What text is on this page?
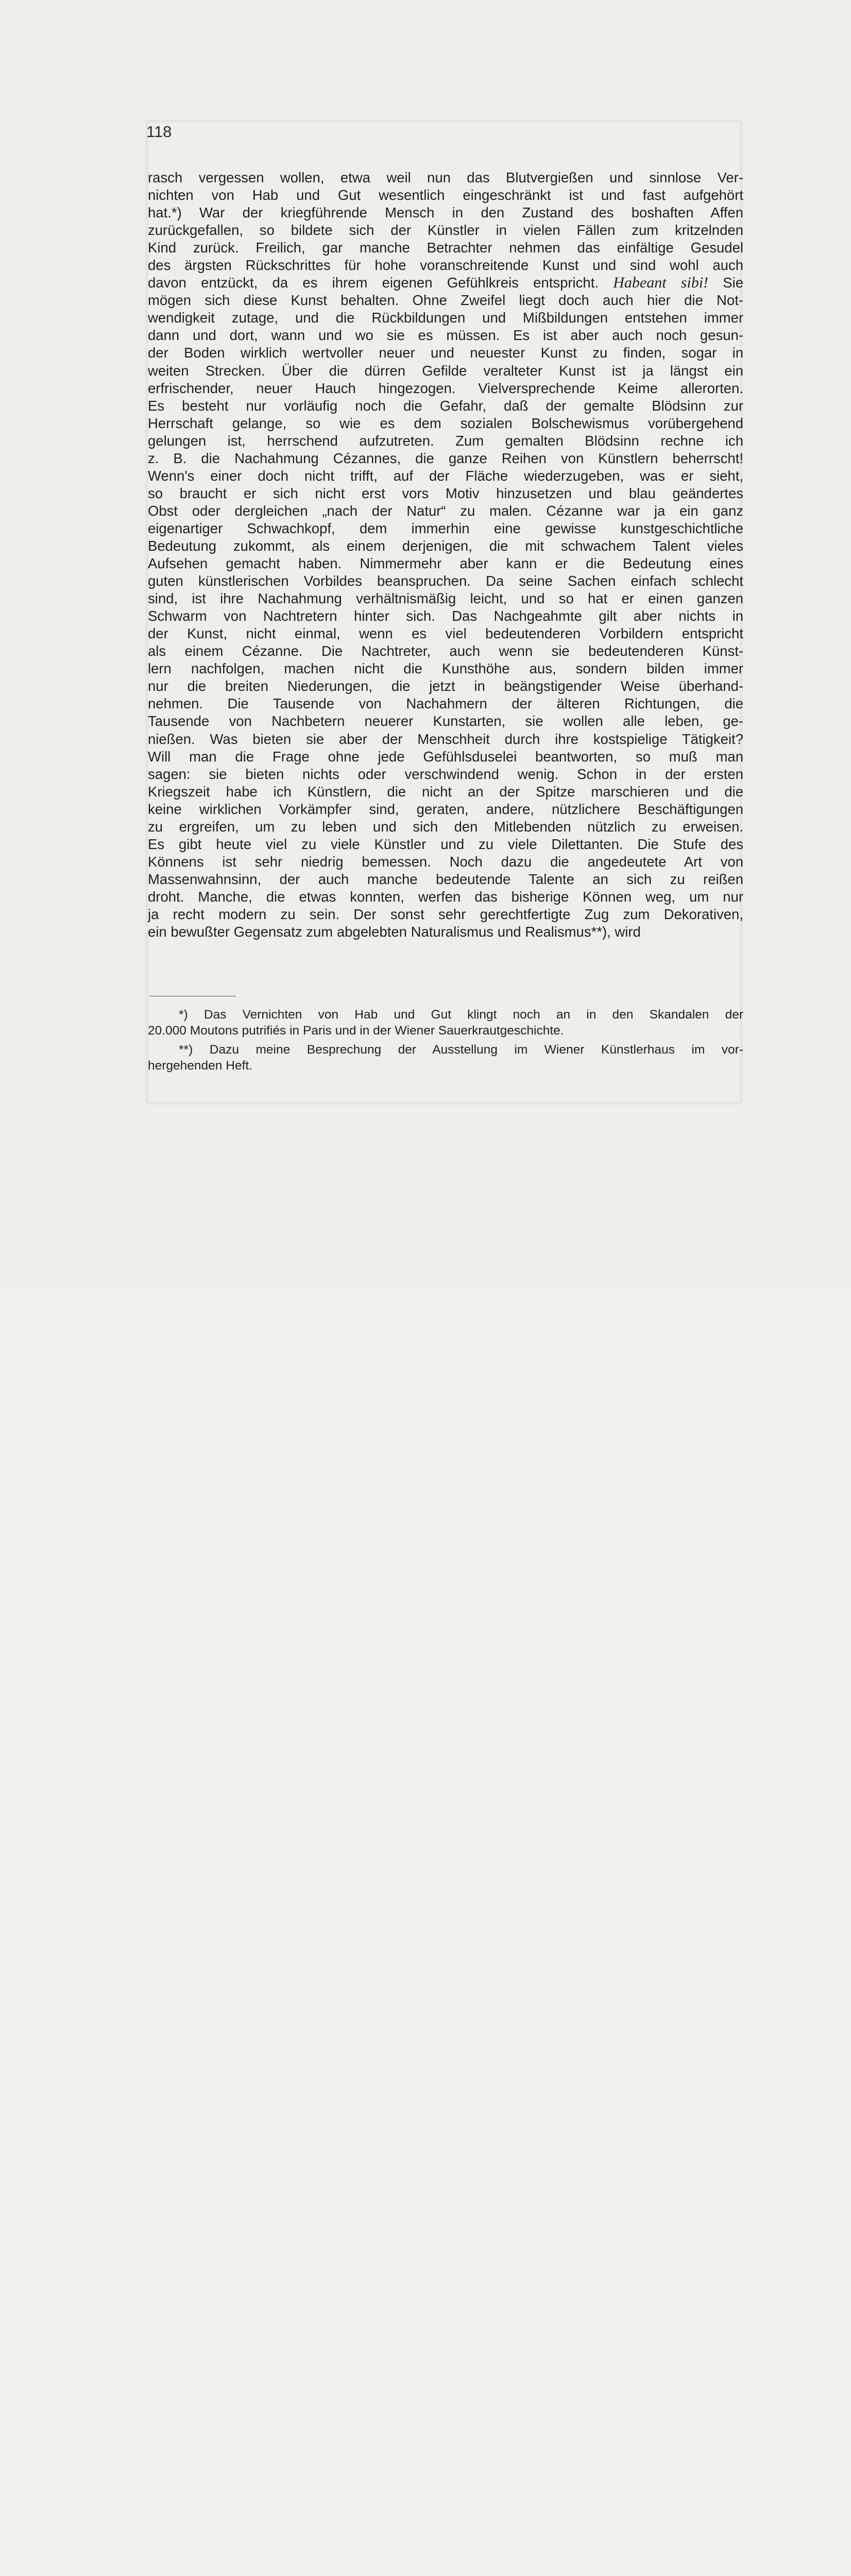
118
rasch vergessen wollen, etwa weil nun das Blutvergießen und sinnlose Ver-
nichten von Hab und Gut wesentlich eingeschränkt ist und fast aufgehört
hat.*) War der kriegführende Mensch in den Zustand des boshaften Affen
zurückgefallen, so bildete sich der Künstler in vielen Fällen zum kritzelnden
Kind zurück. Freilich, gar manche Betrachter nehmen das einfältige Gesudel
des ärgsten Rückschrittes für hohe voranschreitende Kunst und sind wohl auch
davon entzückt, da es ihrem eigenen Gefühlkreis entspricht. Habeant sibi! Sie
mögen sich diese Kunst behalten. Ohne Zweifel liegt doch auch hier die Not-
wendigkeit zutage, und die Rückbildungen und Mißbildungen entstehen immer
dann und dort, wann und wo sie es müssen. Es ist aber auch noch gesun-
der Boden wirklich wertvoller neuer und neuester Kunst zu finden, sogar in
weiten Strecken. Über die dürren Gefilde veralteter Kunst ist ja längst ein
erfrischender, neuer Hauch hingezogen. Vielversprechende Keime allerorten.
Es besteht nur vorläufig noch die Gefahr, daß der gemalte Blödsinn zur
Herrschaft gelange, so wie es dem sozialen Bolschewismus vorübergehend
gelungen ist, herrschend aufzutreten. Zum gemalten Blödsinn rechne ich
z. B. die Nachahmung Cézannes, die ganze Reihen von Künstlern beherrscht!
Wenn's einer doch nicht trifft, auf der Fläche wiederzugeben, was er sieht,
so braucht er sich nicht erst vors Motiv hinzusetzen und blau geändertes
Obst oder dergleichen „nach der Natur“ zu malen. Cézanne war ja ein ganz
eigenartiger Schwachkopf, dem immerhin eine gewisse kunstgeschichtliche
Bedeutung zukommt, als einem derjenigen, die mit schwachem Talent vieles
Aufsehen gemacht haben. Nimmermehr aber kann er die Bedeutung eines
guten künstlerischen Vorbildes beanspruchen. Da seine Sachen einfach schlecht
sind, ist ihre Nachahmung verhältnismäßig leicht, und so hat er einen ganzen
Schwarm von Nachtretern hinter sich. Das Nachgeahmte gilt aber nichts in
der Kunst, nicht einmal, wenn es viel bedeutenderen Vorbildern entspricht
als einem Cézanne. Die Nachtreter, auch wenn sie bedeutenderen Künst-
lern nachfolgen, machen nicht die Kunsthöhe aus, sondern bilden immer
nur die breiten Niederungen, die jetzt in beängstigender Weise überhand-
nehmen. Die Tausende von Nachahmern der älteren Richtungen, die
Tausende von Nachbetern neuerer Kunstarten, sie wollen alle leben, ge-
nießen. Was bieten sie aber der Menschheit durch ihre kostspielige Tätigkeit?
Will man die Frage ohne jede Gefühlsduselei beantworten, so muß man
sagen: sie bieten nichts oder verschwindend wenig. Schon in der ersten
Kriegszeit habe ich Künstlern, die nicht an der Spitze marschieren und die
keine wirklichen Vorkämpfer sind, geraten, andere, nützlichere Beschäftigungen
zu ergreifen, um zu leben und sich den Mitlebenden nützlich zu erweisen.
Es gibt heute viel zu viele Künstler und zu viele Dilettanten. Die Stufe des
Könnens ist sehr niedrig bemessen. Noch dazu die angedeutete Art von
Massenwahnsinn, der auch manche bedeutende Talente an sich zu reißen
droht. Manche, die etwas konnten, werfen das bisherige Können weg, um nur
ja recht modern zu sein. Der sonst sehr gerechtfertigte Zug zum Dekorativen,
ein bewußter Gegensatz zum abgelebten Naturalismus und Realismus**), wird
*) Das Vernichten von Hab und Gut klingt noch an in den Skandalen der
20.000 Moutons putrifiés in Paris und in der Wiener Sauerkrautgeschichte.
**) Dazu meine Besprechung der Ausstellung im Wiener Künstlerhaus im vor-
hergehenden Heft.
